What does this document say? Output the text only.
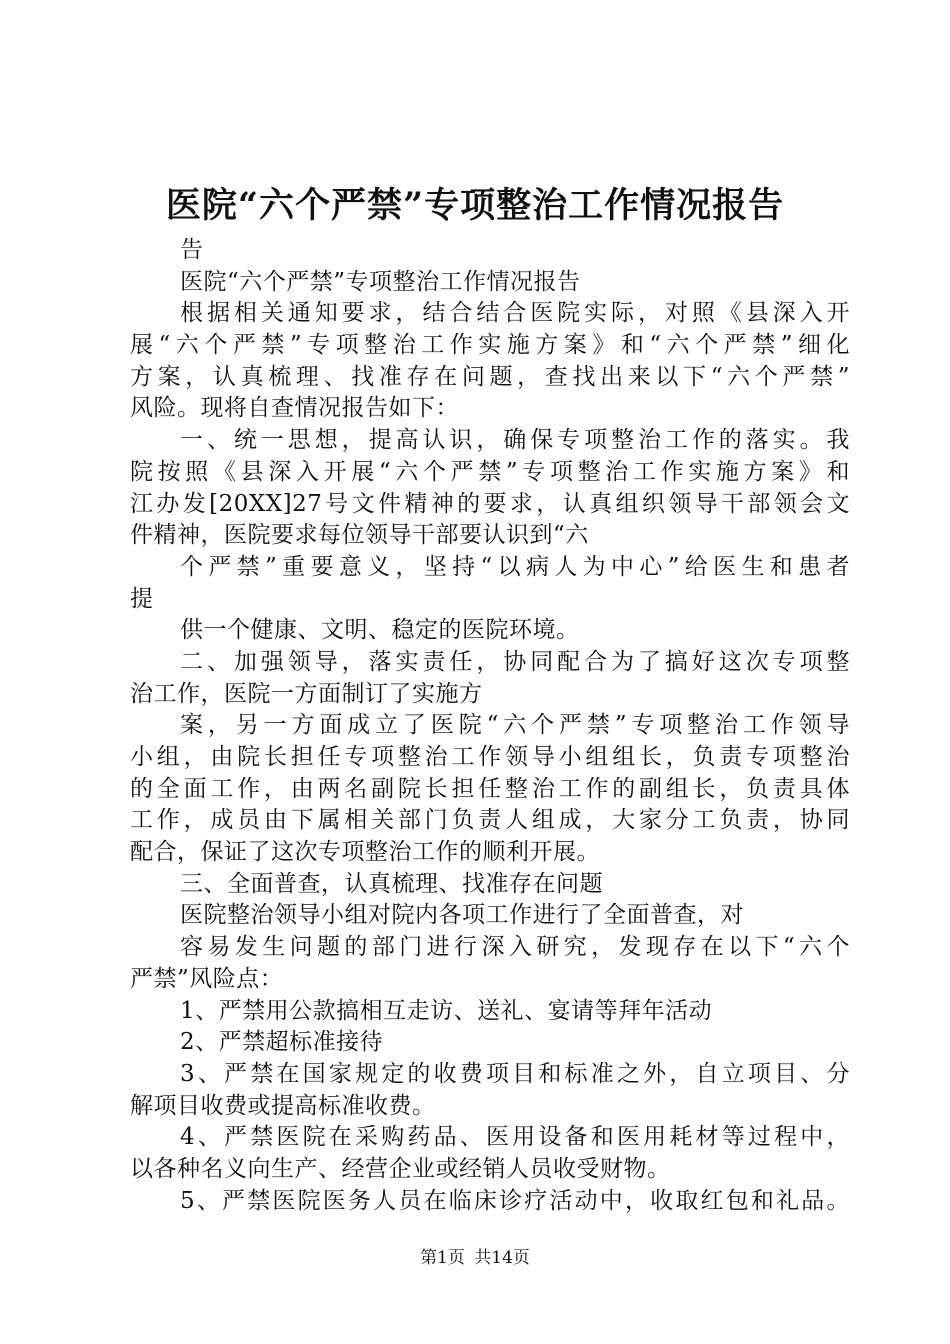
医院“六个严禁”专项整治工作情况报告
告
医院“六个严禁”专项整治工作情况报告
根据相关通知要求，结合结合医院实际，对照《县深入开
展“六个严禁”专项整治工作实施方案》和“六个严禁”细化
方案，认真梳理、找准存在问题，查找出来以下“六个严禁”
风险。现将自查情况报告如下：
一、统一思想，提高认识，确保专项整治工作的落实。我
院按照《县深入开展“六个严禁”专项整治工作实施方案》和
江办发[20XX]27号文件精神的要求，认真组织领导干部领会文
件精神，医院要求每位领导干部要认识到“六
个严禁”重要意义，坚持“以病人为中心”给医生和患者
提
供一个健康、文明、稳定的医院环境。
二、加强领导，落实责任，协同配合为了搞好这次专项整
治工作，医院一方面制订了实施方
案，另一方面成立了医院“六个严禁”专项整治工作领导
小组，由院长担任专项整治工作领导小组组长，负责专项整治
的全面工作，由两名副院长担任整治工作的副组长，负责具体
工作，成员由下属相关部门负责人组成，大家分工负责，协同
配合，保证了这次专项整治工作的顺利开展。
三、全面普查，认真梳理、找准存在问题
医院整治领导小组对院内各项工作进行了全面普查，对
容易发生问题的部门进行深入研究，发现存在以下“六个
严禁”风险点：
1、严禁用公款搞相互走访、送礼、宴请等拜年活动
2、严禁超标准接待
3、严禁在国家规定的收费项目和标准之外，自立项目、分
解项目收费或提高标准收费。
4、严禁医院在采购药品、医用设备和医用耗材等过程中，
以各种名义向生产、经营企业或经销人员收受财物。
5、严禁医院医务人员在临床诊疗活动中，收取红包和礼品。
第1页 共14页
